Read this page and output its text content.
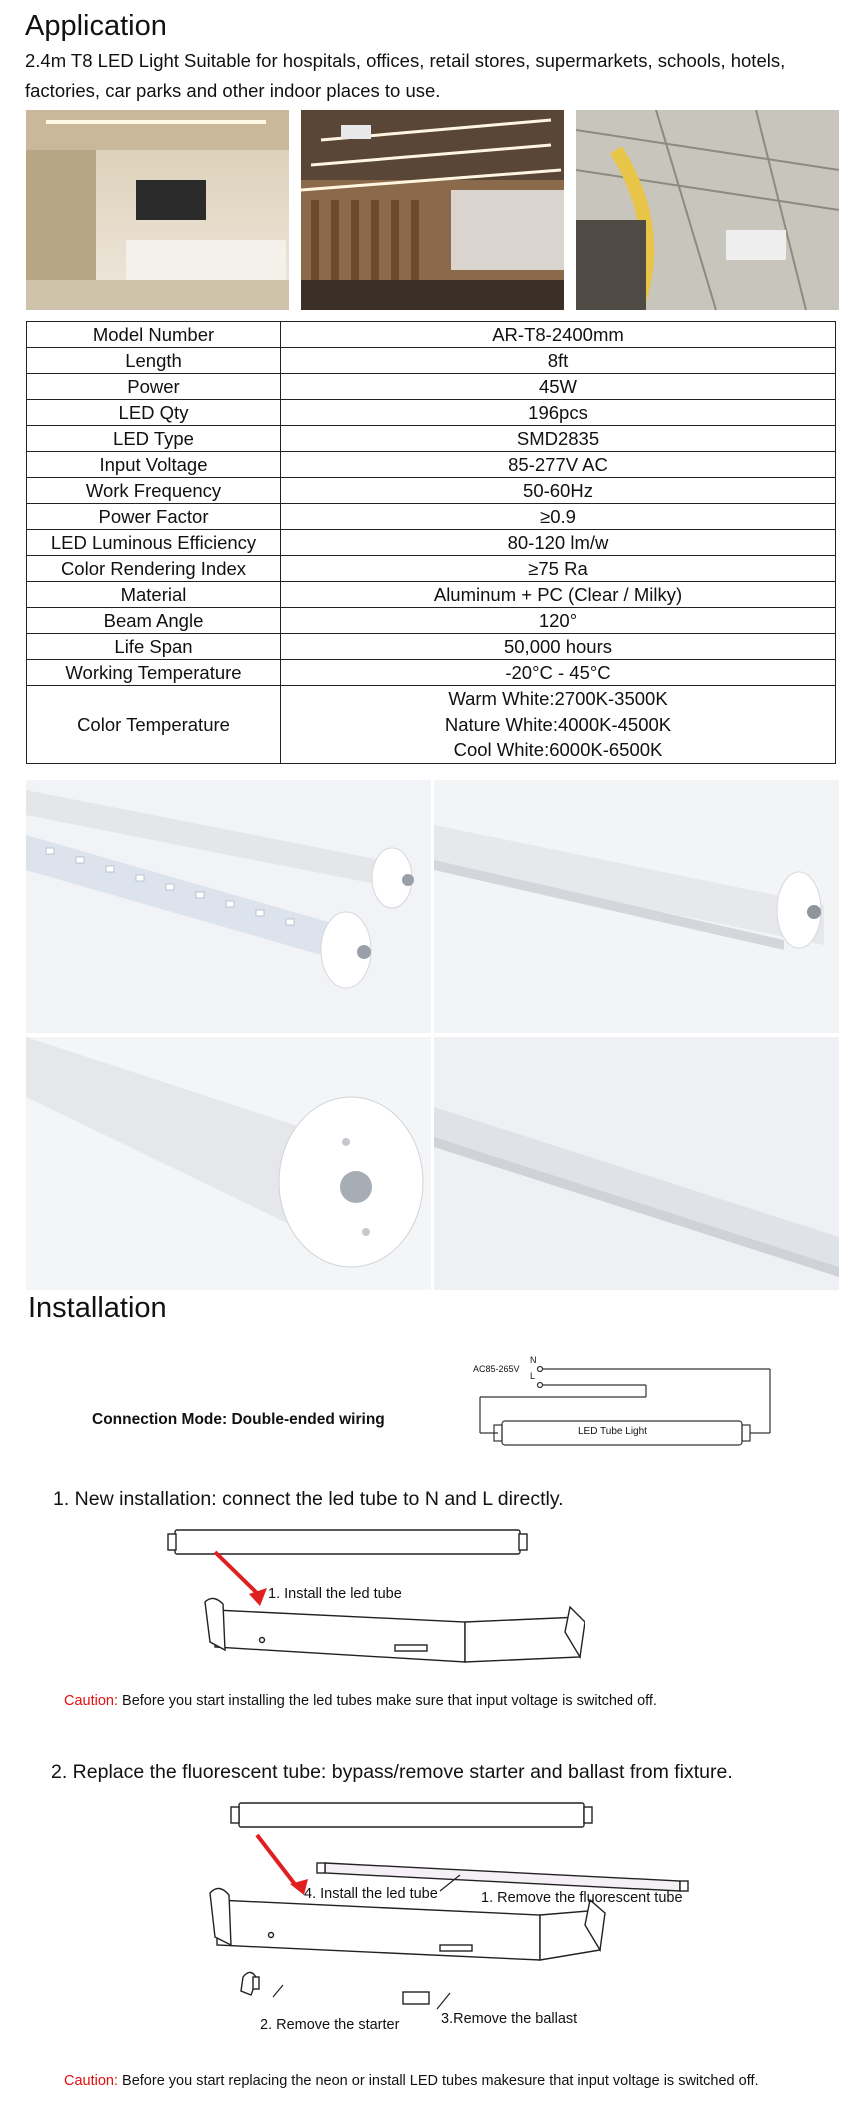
Application
2.4m T8 LED Light Suitable for hospitals, offices, retail stores, supermarkets, schools, hotels, factories, car parks and other indoor places to use.
Model Number	AR-T8-2400mm
Length	8ft
Power	45W
LED Qty	196pcs
LED Type	SMD2835
Input Voltage	85-277V AC
Work Frequency	50-60Hz
Power Factor	≥0.9
LED Luminous Efficiency	80-120 lm/w
Color Rendering Index	≥75 Ra
Material	Aluminum + PC (Clear / Milky)
Beam Angle	120°
Life Span	50,000 hours
Working Temperature	-20°C - 45°C
Color Temperature	Warm White:2700K-3500K
Nature White:4000K-4500K
Cool White:6000K-6500K
Installation
Connection Mode: Double-ended wiring
AC85-265V
N
L
LED Tube Light
1. New installation: connect the led tube to N and L directly.
1. Install the led tube
Caution: Before you start installing the led tubes make sure that input voltage is switched off.
2. Replace the fluorescent tube: bypass/remove starter and ballast from fixture.
4. Install the led tube	1. Remove the fluorescent tube
2. Remove the starter	3.Remove the ballast
Caution: Before you start replacing the neon or install LED tubes makesure that input voltage is switched off.
